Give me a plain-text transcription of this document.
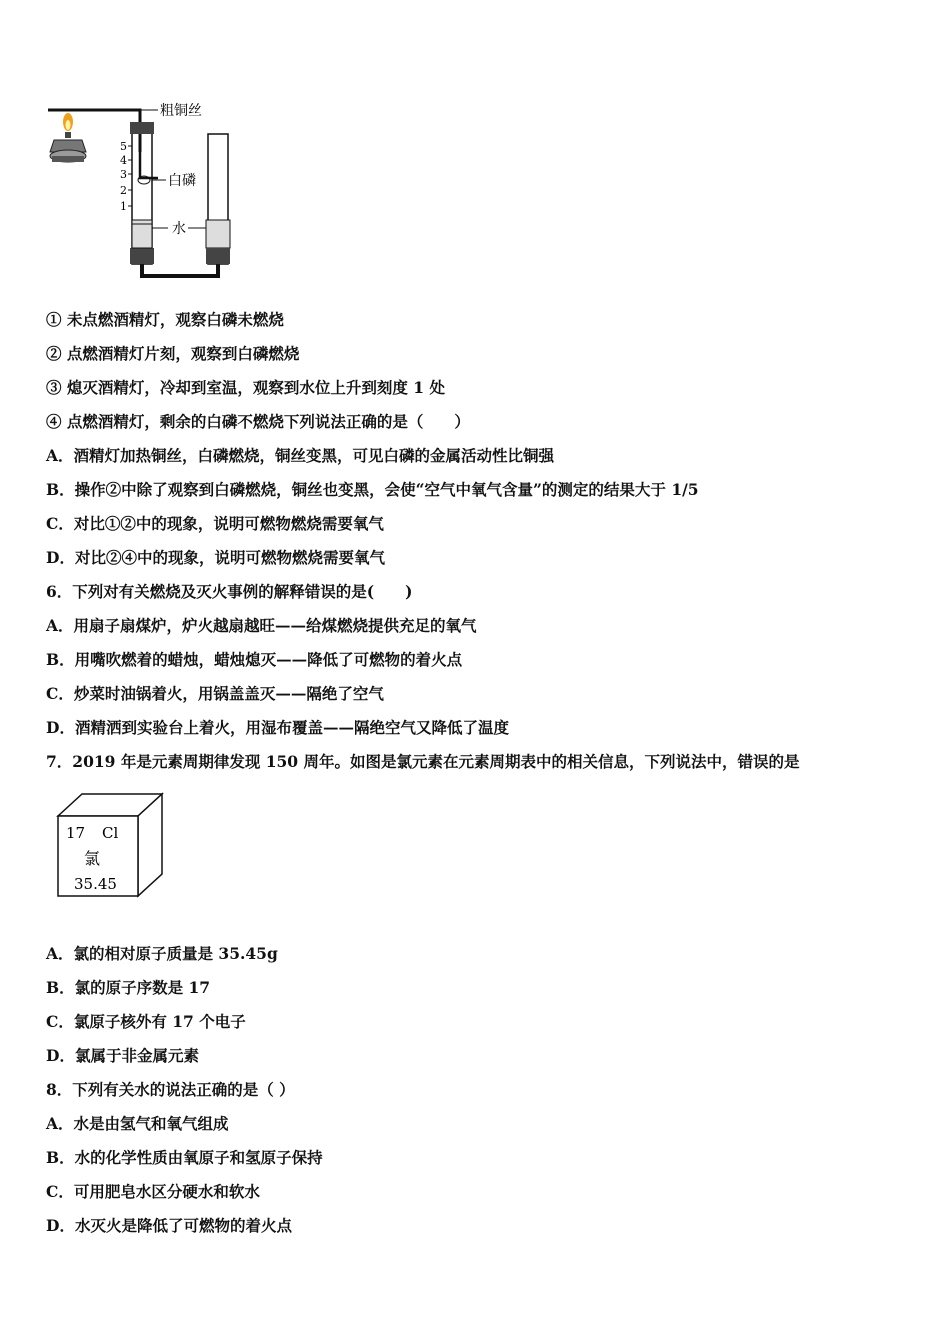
粗铜丝
白磷
5
4
3
2
1
水
① 未点燃酒精灯，观察白磷未燃烧
② 点燃酒精灯片刻，观察到白磷燃烧
③ 熄灭酒精灯，冷却到室温，观察到水位上升到刻度 1 处
④ 点燃酒精灯，剩余的白磷不燃烧下列说法正确的是（　　）
A．酒精灯加热铜丝，白磷燃烧，铜丝变黑，可见白磷的金属活动性比铜强
B．操作②中除了观察到白磷燃烧，铜丝也变黑，会使“空气中氧气含量”的测定的结果大于 1/5
C．对比①②中的现象，说明可燃物燃烧需要氧气
D．对比②④中的现象，说明可燃物燃烧需要氧气
6．下列对有关燃烧及灭火事例的解释错误的是(　　)
A．用扇子扇煤炉，炉火越扇越旺——给煤燃烧提供充足的氧气
B．用嘴吹燃着的蜡烛，蜡烛熄灭——降低了可燃物的着火点
C．炒菜时油锅着火，用锅盖盖灭——隔绝了空气
D．酒精洒到实验台上着火，用湿布覆盖——隔绝空气又降低了温度
7．2019 年是元素周期律发现 150 周年。如图是氯元素在元素周期表中的相关信息，下列说法中，错误的是
17 Cl
氯
35.45
A．氯的相对原子质量是 35.45g
B．氯的原子序数是 17
C．氯原子核外有 17 个电子
D．氯属于非金属元素
8．下列有关水的说法正确的是（ ）
A．水是由氢气和氧气组成
B．水的化学性质由氧原子和氢原子保持
C．可用肥皂水区分硬水和软水
D．水灭火是降低了可燃物的着火点
